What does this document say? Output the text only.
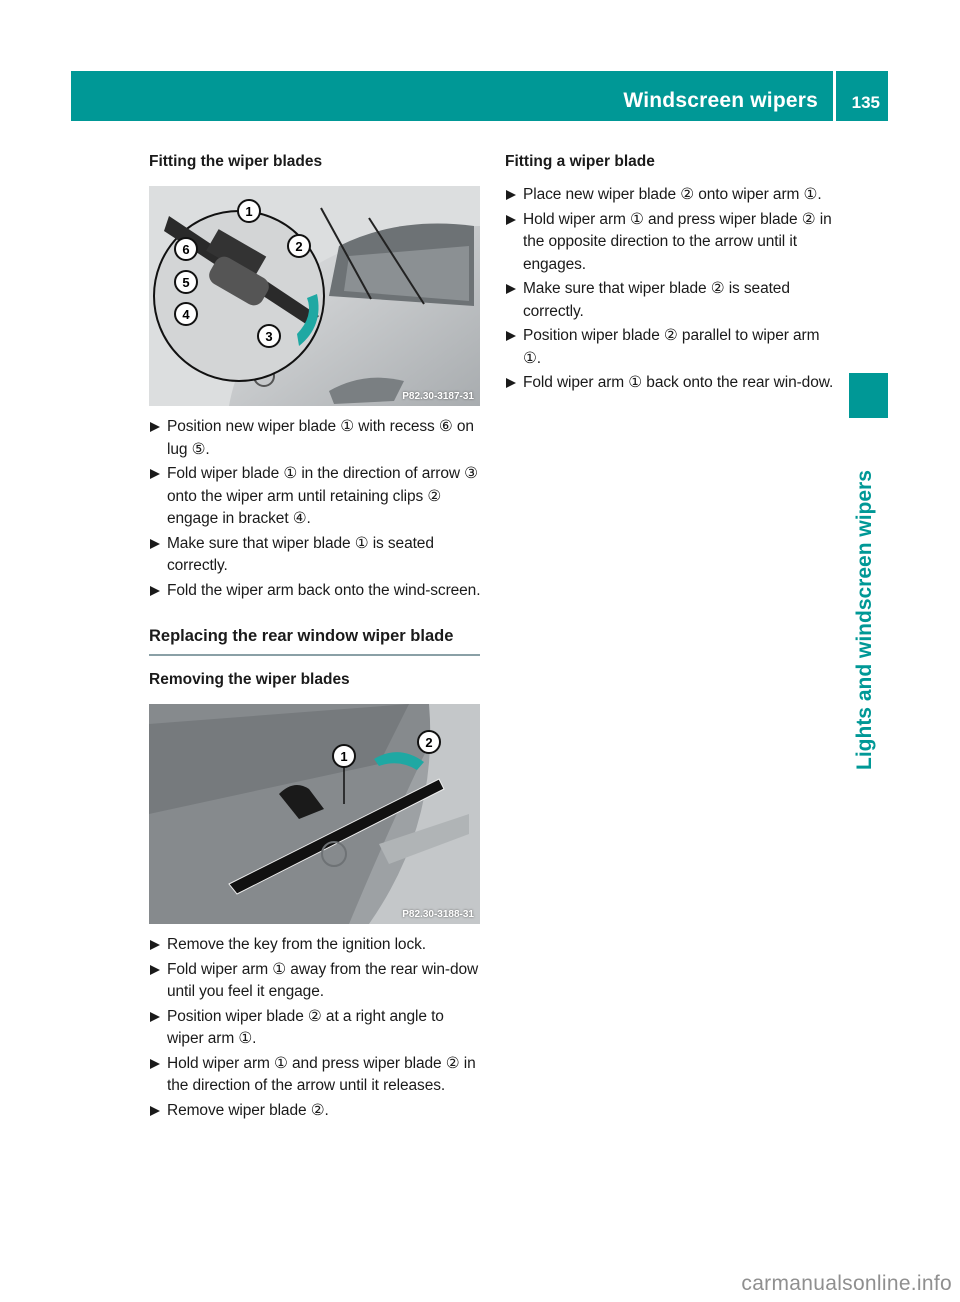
Windscreen wipers 135
Lights and windscreen wipers
Fitting the wiper blades
1
2
3
4
5
6
P82.30-3187-31
Position new wiper blade ① with recess ⑥ on lug ⑤.
Fold wiper blade ① in the direction of arrow ③ onto the wiper arm until retaining clips ② engage in bracket ④.
Make sure that wiper blade ① is seated correctly.
Fold the wiper arm back onto the wind-screen.
Replacing the rear window wiper blade
Removing the wiper blades
1
2
P82.30-3188-31
Remove the key from the ignition lock.
Fold wiper arm ① away from the rear win-dow until you feel it engage.
Position wiper blade ② at a right angle to wiper arm ①.
Hold wiper arm ① and press wiper blade ② in the direction of the arrow until it releases.
Remove wiper blade ②.
Fitting a wiper blade
Place new wiper blade ② onto wiper arm ①.
Hold wiper arm ① and press wiper blade ② in the opposite direction to the arrow until it engages.
Make sure that wiper blade ② is seated correctly.
Position wiper blade ② parallel to wiper arm ①.
Fold wiper arm ① back onto the rear win-dow.
carmanualsonline.info
